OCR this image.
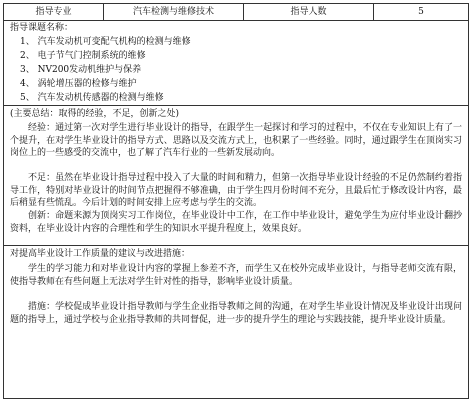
指导专业	汽车检测与维修技术	指导人数	5
指导课题名称：
1、 汽车发动机可变配气机构的检测与维修
2、 电子节气门控制系统的维修
3、 NV200发动机维护与保养
4、 涡轮增压器的检修与维护
5、 汽车发动机传感器的检测与维修
(主要总结：取得的经验，不足，创新之处)
经验：通过第一次对学生进行毕业设计的指导，在跟学生一起探讨和学习的过程中，不仅在专业知识上有了一个提升，在对学生毕业设计的指导方式、思路以及交流方式上，也积累了一些经验。同时，通过跟学生在顶岗实习岗位上的一些感受的交流中，也了解了汽车行业的一些新发展动向。
不足：虽然在毕业设计指导过程中投入了大量的时间和精力，但第一次指导毕业设计经验的不足仍然制约着指导工作，特别对毕业设计的时间节点把握得不够准确，由于学生四月份时间不充分，且最后忙于修改设计内容，最后稍显有些慌乱。今后计划的时间安排上应考虑与学生的交流。
创新：命题来源为顶岗实习工作岗位，在毕业设计中工作，在工作中毕业设计，避免学生为应付毕业设计翻抄资料，在毕业设计内容的合理性和学生的知识水平提升程度上，效果良好。
对提高毕业设计工作质量的建议与改进措施：
学生的学习能力和对毕业设计内容的掌握上参差不齐，而学生又在校外完成毕业设计，与指导老师交流有限，使指导教师在有些问题上无法对学生针对性的指导，影响毕业设计质量。
措施：学校促成毕业设计指导教师与学生企业指导教师之间的沟通，在对学生毕业设计情况及毕业设计出现问题的指导上，通过学校与企业指导教师的共同督促，进一步的提升学生的理论与实践技能，提升毕业设计质量。
